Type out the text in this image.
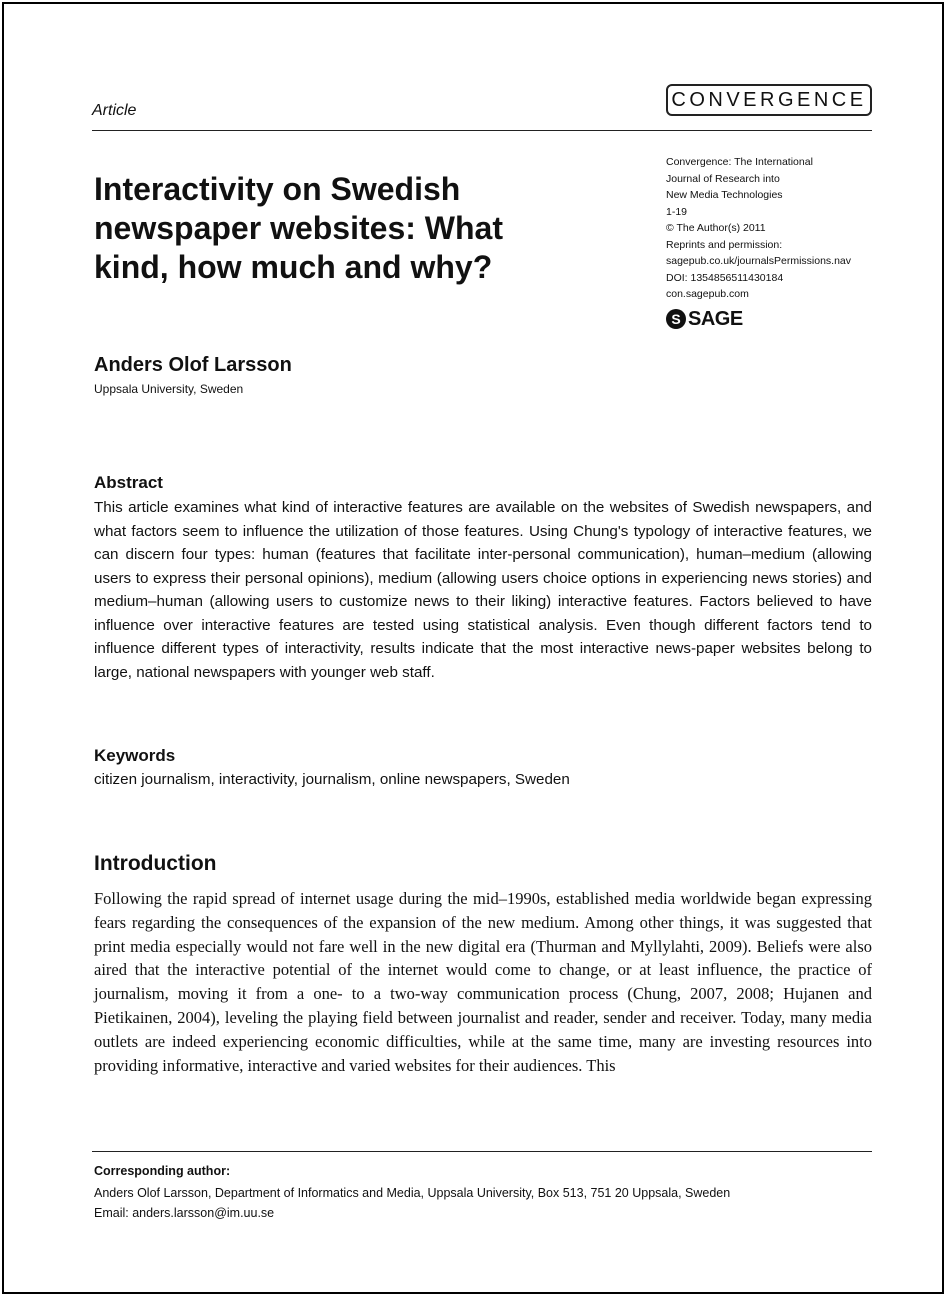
Article	CONVERGENCE
Interactivity on Swedish newspaper websites: What kind, how much and why?
Convergence: The International
Journal of Research into
New Media Technologies
1-19
© The Author(s) 2011
Reprints and permission:
sagepub.co.uk/journalsPermissions.nav
DOI: 1354856511430184
con.sagepub.com
S SAGE
Anders Olof Larsson
Uppsala University, Sweden
Abstract

This article examines what kind of interactive features are available on the websites of Swedish newspapers, and what factors seem to influence the utilization of those features. Using Chung's typology of interactive features, we can discern four types: human (features that facilitate inter-personal communication), human–medium (allowing users to express their personal opinions), medium (allowing users choice options in experiencing news stories) and medium–human (allowing users to customize news to their liking) interactive features. Factors believed to have influence over interactive features are tested using statistical analysis. Even though different factors tend to influence different types of interactivity, results indicate that the most interactive news-paper websites belong to large, national newspapers with younger web staff.

Keywords
citizen journalism, interactivity, journalism, online newspapers, Sweden
Introduction

Following the rapid spread of internet usage during the mid–1990s, established media worldwide began expressing fears regarding the consequences of the expansion of the new medium. Among other things, it was suggested that print media especially would not fare well in the new digital era (Thurman and Myllylahti, 2009). Beliefs were also aired that the interactive potential of the internet would come to change, or at least influence, the practice of journalism, moving it from a one- to a two-way communication process (Chung, 2007, 2008; Hujanen and Pietikainen, 2004), leveling the playing field between journalist and reader, sender and receiver. Today, many media outlets are indeed experiencing economic difficulties, while at the same time, many are investing resources into providing informative, interactive and varied websites for their audiences. This

Corresponding author:
Anders Olof Larsson, Department of Informatics and Media, Uppsala University, Box 513, 751 20 Uppsala, Sweden
Email: anders.larsson@im.uu.se
